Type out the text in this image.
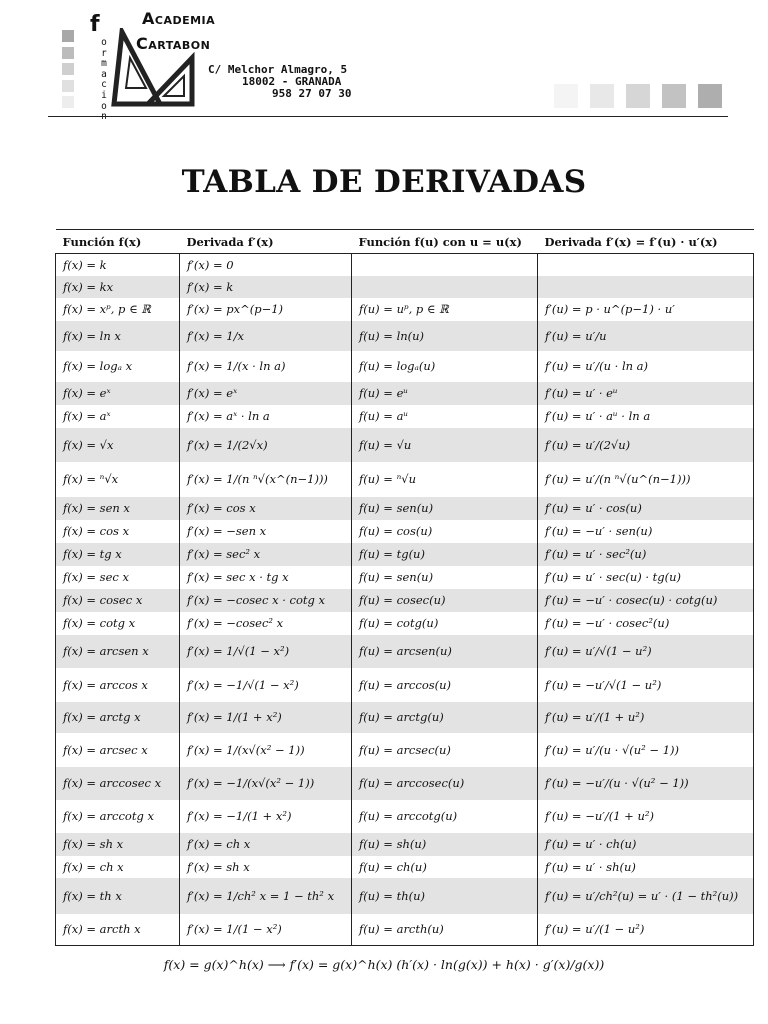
f
ormacion
Academia
Cartabon
C/ Melchor Almagro, 5
18002 - GRANADA
958 27 07 30
TABLA DE DERIVADAS
Función f(x)	Derivada f′(x)	Función f(u) con u = u(x)	Derivada f′(x) = f′(u) · u′(x)
f(x) = k	f′(x) = 0		
f(x) = kx	f′(x) = k		
f(x) = xᵖ, p ∈ ℝ	f′(x) = px^(p−1)	f(u) = uᵖ, p ∈ ℝ	f′(u) = p · u^(p−1) · u′
f(x) = ln x	f′(x) = 1/x	f(u) = ln(u)	f′(u) = u′/u
f(x) = logₐ x	f′(x) = 1/(x · ln a)	f(u) = logₐ(u)	f′(u) = u′/(u · ln a)
f(x) = eˣ	f′(x) = eˣ	f(u) = eᵘ	f′(u) = u′ · eᵘ
f(x) = aˣ	f′(x) = aˣ · ln a	f(u) = aᵘ	f′(u) = u′ · aᵘ · ln a
f(x) = √x	f′(x) = 1/(2√x)	f(u) = √u	f′(u) = u′/(2√u)
f(x) = ⁿ√x	f′(x) = 1/(n ⁿ√(x^(n−1)))	f(u) = ⁿ√u	f′(u) = u′/(n ⁿ√(u^(n−1)))
f(x) = sen x	f′(x) = cos x	f(u) = sen(u)	f′(u) = u′ · cos(u)
f(x) = cos x	f′(x) = −sen x	f(u) = cos(u)	f′(u) = −u′ · sen(u)
f(x) = tg x	f′(x) = sec² x	f(u) = tg(u)	f′(u) = u′ · sec²(u)
f(x) = sec x	f′(x) = sec x · tg x	f(u) = sen(u)	f′(u) = u′ · sec(u) · tg(u)
f(x) = cosec x	f′(x) = −cosec x · cotg x	f(u) = cosec(u)	f′(u) = −u′ · cosec(u) · cotg(u)
f(x) = cotg x	f′(x) = −cosec² x	f(u) = cotg(u)	f′(u) = −u′ · cosec²(u)
f(x) = arcsen x	f′(x) = 1/√(1 − x²)	f(u) = arcsen(u)	f′(u) = u′/√(1 − u²)
f(x) = arccos x	f′(x) = −1/√(1 − x²)	f(u) = arccos(u)	f′(u) = −u′/√(1 − u²)
f(x) = arctg x	f′(x) = 1/(1 + x²)	f(u) = arctg(u)	f′(u) = u′/(1 + u²)
f(x) = arcsec x	f′(x) = 1/(x√(x² − 1))	f(u) = arcsec(u)	f′(u) = u′/(u · √(u² − 1))
f(x) = arccosec x	f′(x) = −1/(x√(x² − 1))	f(u) = arccosec(u)	f′(u) = −u′/(u · √(u² − 1))
f(x) = arccotg x	f′(x) = −1/(1 + x²)	f(u) = arccotg(u)	f′(u) = −u′/(1 + u²)
f(x) = sh x	f′(x) = ch x	f(u) = sh(u)	f′(u) = u′ · ch(u)
f(x) = ch x	f′(x) = sh x	f(u) = ch(u)	f′(u) = u′ · sh(u)
f(x) = th x	f′(x) = 1/ch² x = 1 − th² x	f(u) = th(u)	f′(u) = u′/ch²(u) = u′ · (1 − th²(u))
f(x) = arcth x	f′(x) = 1/(1 − x²)	f(u) = arcth(u)	f′(u) = u′/(1 − u²)
f(x) = g(x)^h(x) ⟶ f′(x) = g(x)^h(x) (h′(x) · ln(g(x)) + h(x) · g′(x)/g(x))
